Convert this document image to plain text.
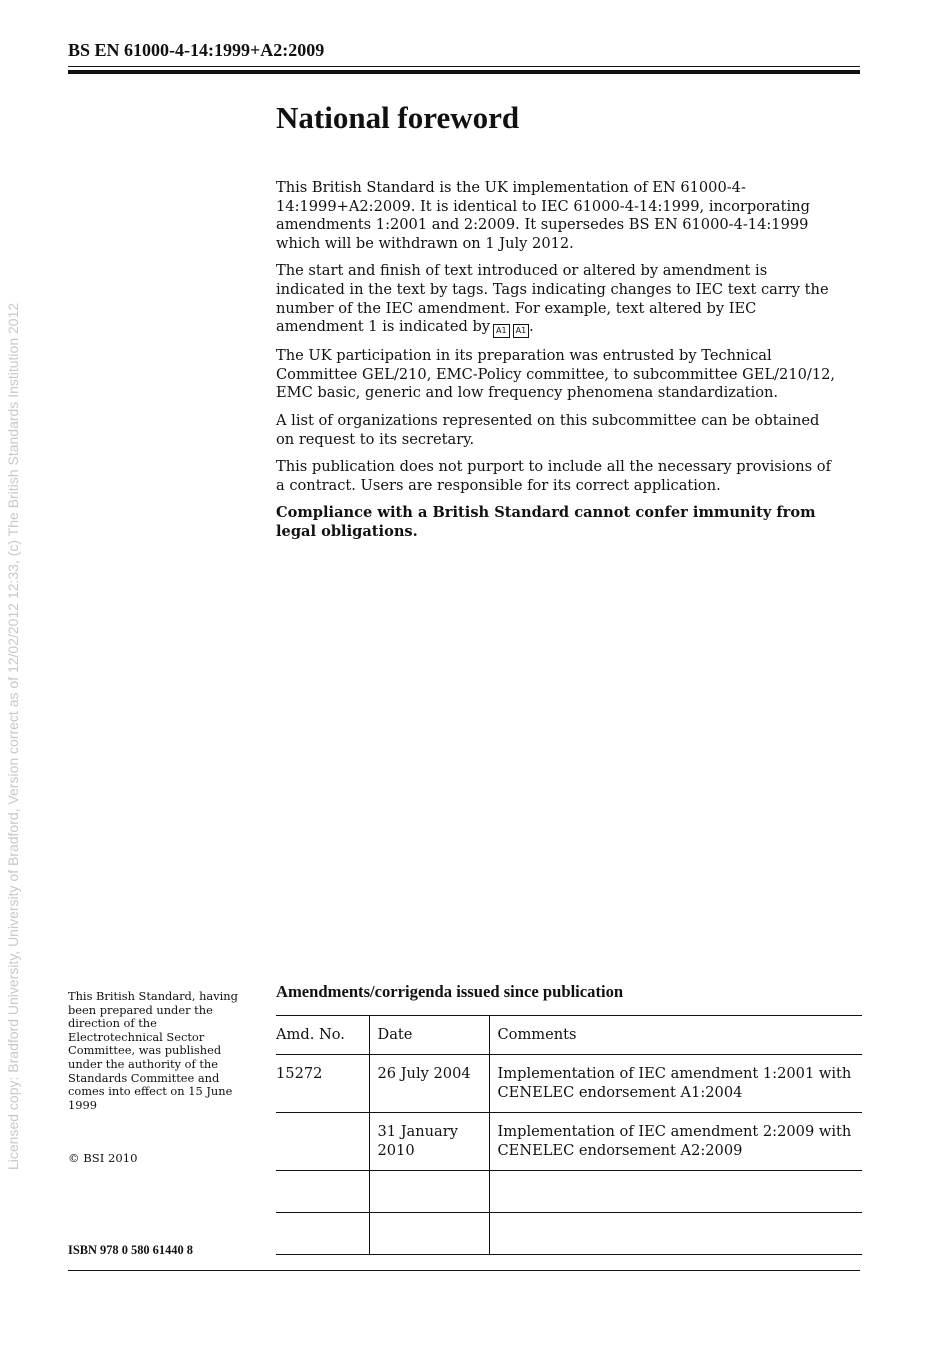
BS EN 61000-4-14:1999+A2:2009
Licensed copy: Bradford University, University of Bradford, Version correct as of 12/02/2012 12:33, (c) The British Standards Institution 2012
National foreword

This British Standard is the UK implementation of EN 61000-4-14:1999+A2:2009. It is identical to IEC 61000-4-14:1999, incorporating amendments 1:2001 and 2:2009. It supersedes BS EN 61000-4-14:1999 which will be withdrawn on 1 July 2012.

The start and finish of text introduced or altered by amendment is indicated in the text by tags. Tags indicating changes to IEC text carry the number of the IEC amendment. For example, text altered by IEC amendment 1 is indicated by A1 A1 .

The UK participation in its preparation was entrusted by Technical Committee GEL/210, EMC-Policy committee, to subcommittee GEL/210/12, EMC basic, generic and low frequency phenomena standardization.

A list of organizations represented on this subcommittee can be obtained on request to its secretary.

This publication does not purport to include all the necessary provisions of a contract. Users are responsible for its correct application.

Compliance with a British Standard cannot confer immunity from legal obligations.

This British Standard, having been prepared under the direction of the Electrotechnical Sector Committee, was published under the authority of the Standards Committee and comes into effect on 15 June 1999
© BSI 2010
ISBN 978 0 580 61440 8
Amendments/corrigenda issued since publication
Amd. No.	Date	Comments
15272	26 July 2004	Implementation of IEC amendment 1:2001 with CENELEC endorsement A1:2004
	31 January 2010	Implementation of IEC amendment 2:2009 with CENELEC endorsement A2:2009
